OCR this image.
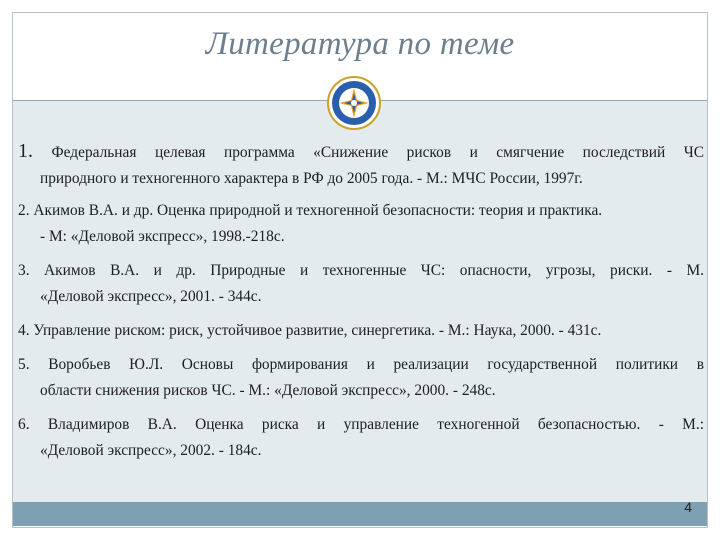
Литература по теме
1. Федеральная целевая программа «Снижение рисков и смягчение последствий ЧС
природного и техногенного характера в РФ до 2005 года. - М.: МЧС России, 1997г.
2. Акимов В.А. и др. Оценка природной и техногенной безопасности: теория и практика.
- М: «Деловой экспресс», 1998.-218с.
3. Акимов В.А. и др. Природные и техногенные ЧС: опасности, угрозы, риски. - М.
«Деловой экспресс», 2001. - 344с.
4. Управление риском: риск, устойчивое развитие, синергетика. - М.: Наука, 2000. - 431с.
5. Воробьев Ю.Л. Основы формирования и реализации государственной политики в
области снижения рисков ЧС. - М.: «Деловой экспресс», 2000. - 248с.
6. Владимиров В.А. Оценка риска и управление техногенной безопасностью. - М.:
«Деловой экспресс», 2002. - 184с.
4
